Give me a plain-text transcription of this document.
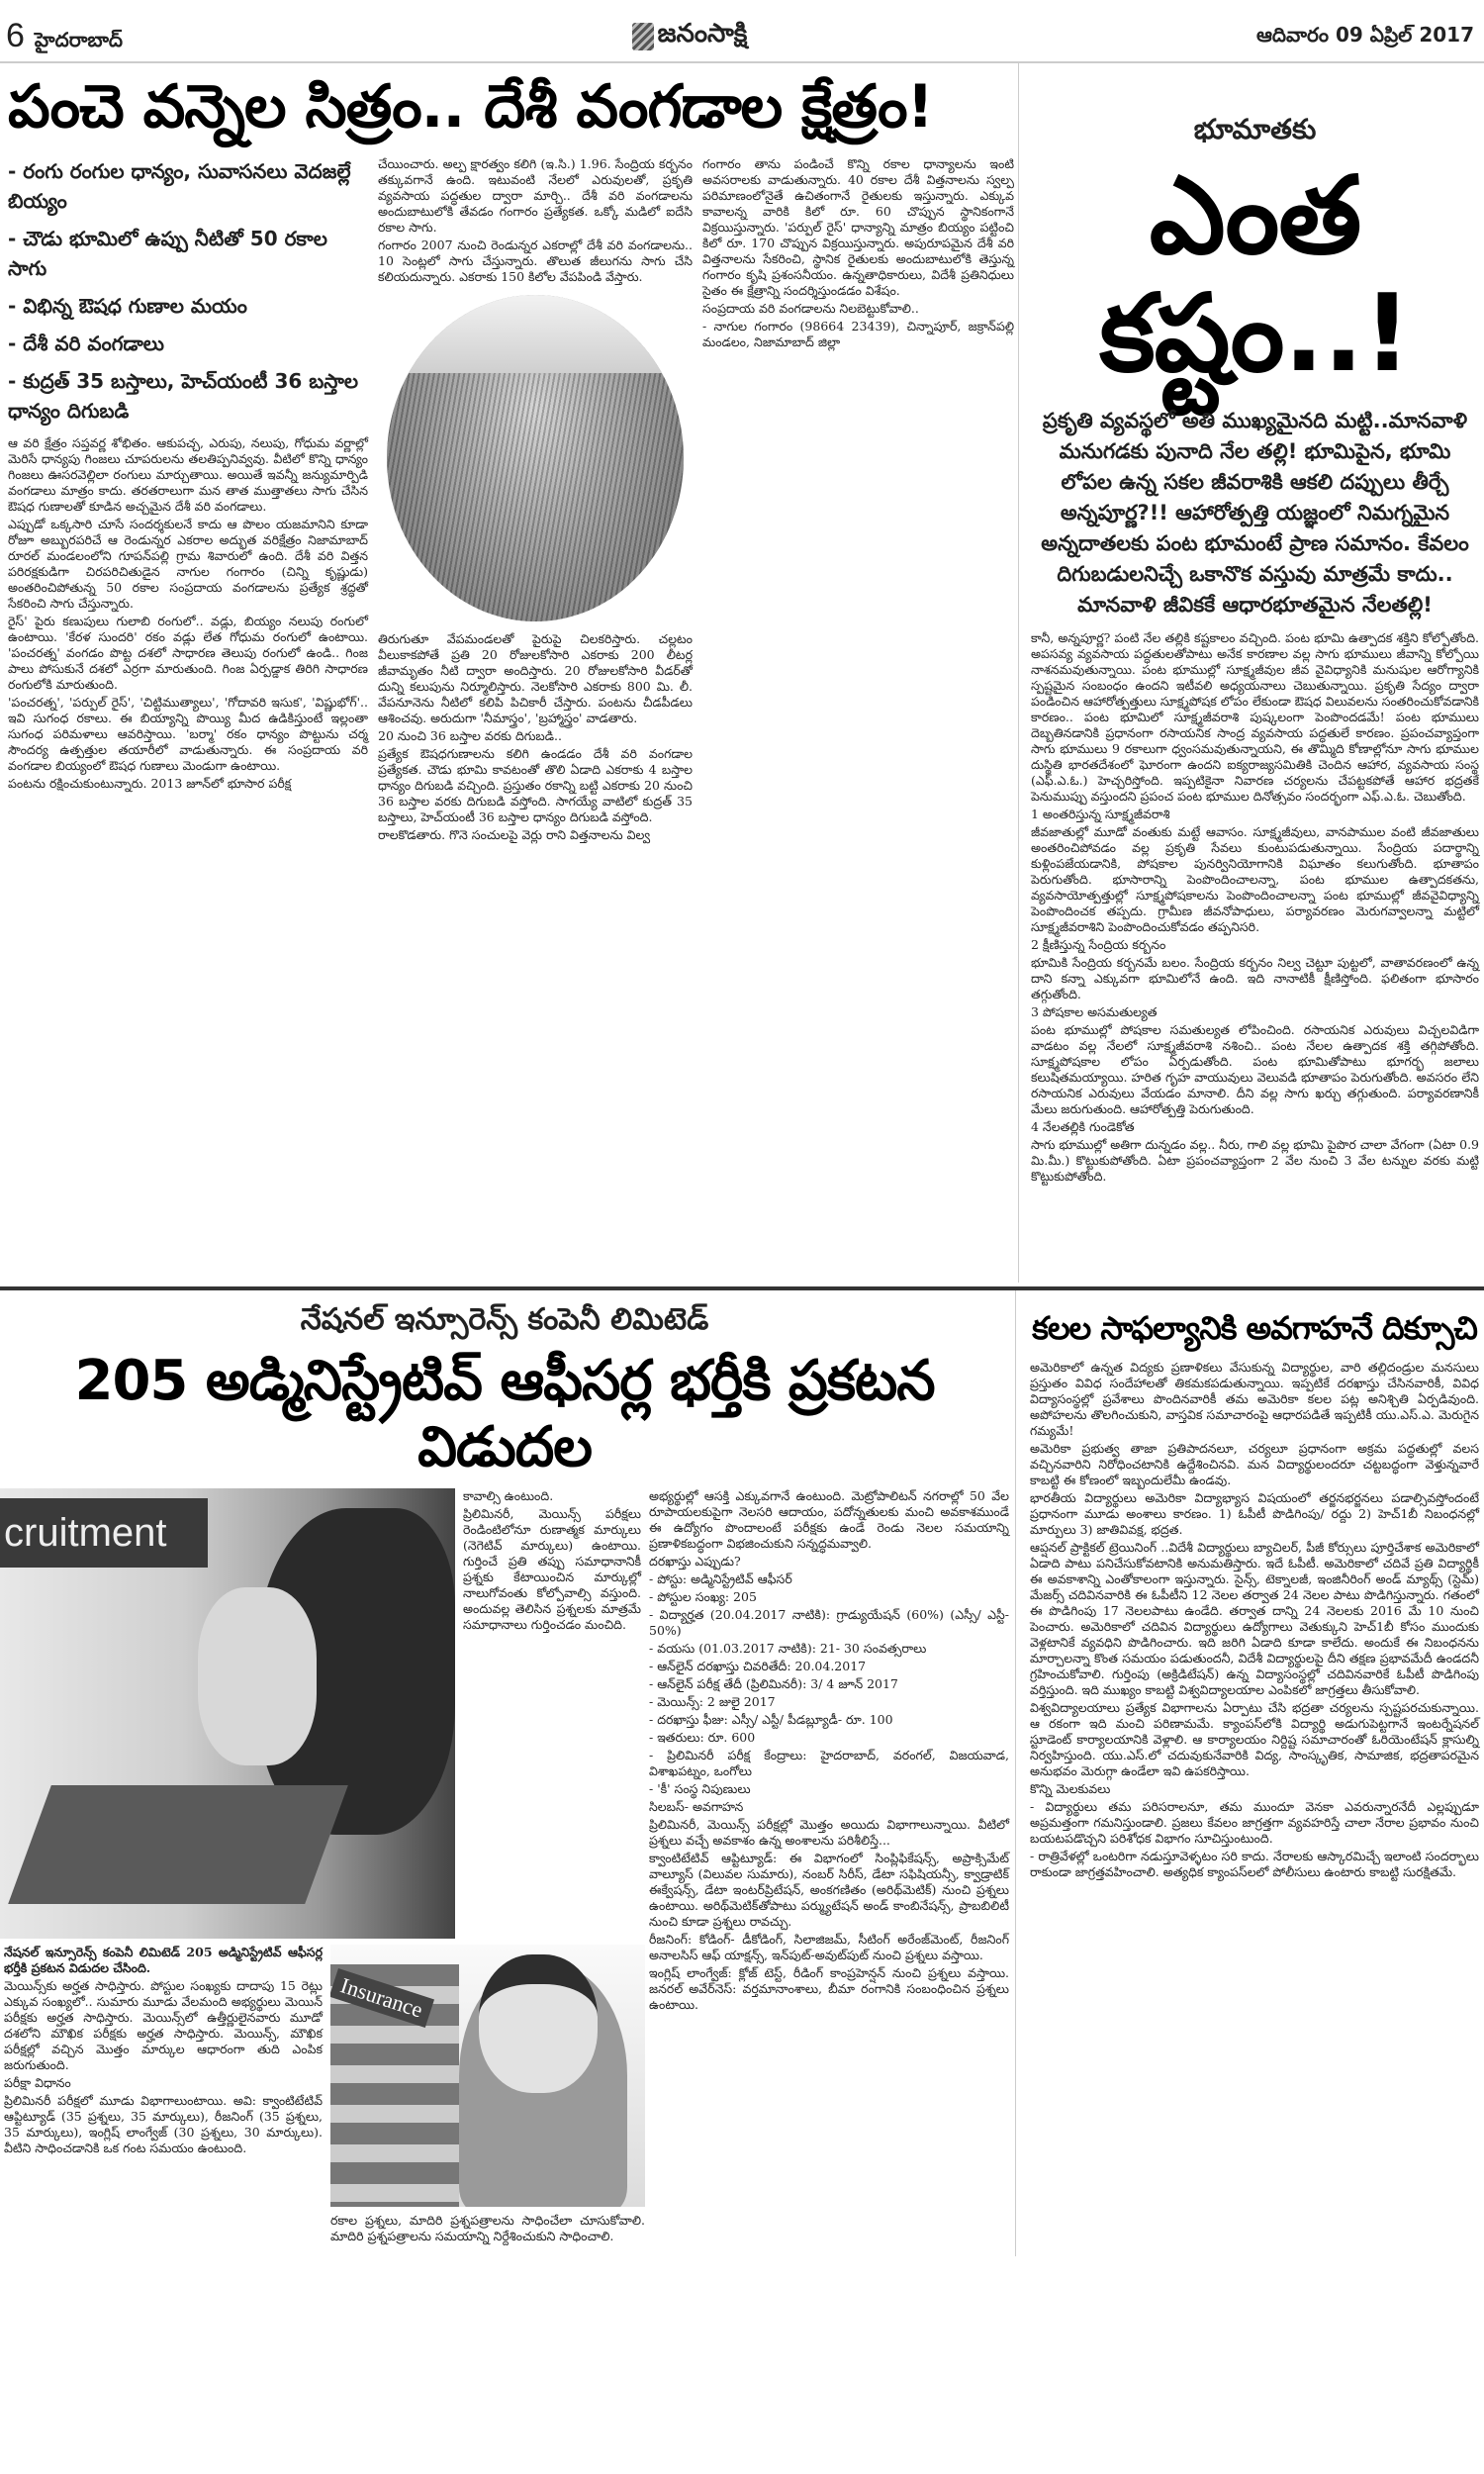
6 హైదరాబాద్	జనంసాక్షి	ఆదివారం 09 ఏప్రిల్ 2017
పంచె వన్నెల సిత్రం.. దేశీ వంగడాల క్షేత్రం!
- రంగు రంగుల ధాన్యం, సువాసనలు వెదజల్లే బియ్యం
- చౌడు భూమిలో ఉప్పు నీటితో 50 రకాల సాగు
- విభిన్న ఔషధ గుణాల మయం
- దేశీ వరి వంగడాలు
- కుద్రత్ 35 బస్తాలు, హెచ్‌యంటీ 36 బస్తాల ధాన్యం దిగుబడి

ఆ వరి క్షేత్రం సప్తవర్ణ శోభితం. ఆకుపచ్చ, ఎరుపు, నలుపు, గోధుమ వర్ణాల్లో మెరిసే ధాన్యపు గింజలు చూపరులను తలతిప్పనివ్వవు. వీటిలో కొన్ని ధాన్యం గింజలు ఊసరవెల్లిలా రంగులు మార్చుతాయి. అయితే ఇవన్నీ జన్యుమార్పిడి వంగడాలు మాత్రం కాదు. తరతరాలుగా మన తాత ముత్తాతలు సాగు చేసిన ఔషధ గుణాలతో కూడిన అచ్చమైన దేశీ వరి వంగడాలు.

ఎప్పుడో ఒక్కసారి చూసే సందర్శకులనే కాదు ఆ పొలం యజమానిని కూడా రోజూ అబ్బురపరిచే ఆ రెండున్నర ఎకరాల అద్భుత వరిక్షేత్రం నిజామాబాద్ రూరల్ మండలంలోని గూపన్‌పల్లి గ్రామ శివారులో ఉంది. దేశీ వరి విత్తన పరిరక్షకుడిగా చిరపరిచితుడైన నాగుల గంగారం (చిన్ని కృష్ణుడు) అంతరించిపోతున్న 50 రకాల సంప్రదాయ వంగడాలను ప్రత్యేక శ్రద్ధతో సేకరించి సాగు చేస్తున్నారు.

రైస్' పైరు కణుపులు గులాబి రంగులో.. వడ్లు, బియ్యం నలుపు రంగులో ఉంటాయి. 'కేరళ సుందరి' రకం వడ్లు లేత గోధుమ రంగులో ఉంటాయి. 'పంచరత్న' వంగడం పొట్ట దశలో సాధారణ తెలుపు రంగులో ఉండి.. గింజ పాలు పోసుకునే దశలో ఎర్రగా మారుతుంది. గింజ ఏర్పడ్డాక తిరిగి సాధారణ రంగులోకి మారుతుంది.

'పంచరత్న', 'పర్పుల్ రైస్', 'చిట్టిముత్యాలు', 'గోదావరి ఇసుక', 'విష్ణుభోగ్'.. ఇవి సుగంధ రకాలు. ఈ బియ్యాన్ని పొయ్యి మీద ఉడికిస్తుంటే ఇల్లంతా సుగంధ పరిమళాలు ఆవరిస్తాయి. 'బర్మా' రకం ధాన్యం పొట్టును చర్మ సౌందర్య ఉత్పత్తుల తయారీలో వాడుతున్నారు. ఈ సంప్రదాయ వరి వంగడాల బియ్యంలో ఔషధ గుణాలు మెండుగా ఉంటాయి.

పంటను రక్షించుకుంటున్నారు. 2013 జూన్‌లో భూసార పరీక్ష

చేయించారు. అల్ప క్షారత్వం కలిగి (ఇ.సి.) 1.96. సేంద్రియ కర్బనం తక్కువగానే ఉంది. ఇటువంటి నేలలో ఎరువులతో, ప్రకృతి వ్యవసాయ పద్ధతుల ద్వారా మార్చి.. దేశీ వరి వంగడాలను అందుబాటులోకి తేవడం గంగారం ప్రత్యేకత. ఒక్కో మడిలో ఐదేసి రకాల సాగు.

గంగారం 2007 నుంచి రెండున్నర ఎకరాల్లో దేశీ వరి వంగడాలను.. 10 సెంట్లలో సాగు చేస్తున్నారు. తొలుత జీలుగను సాగు చేసి కలియదున్నారు. ఎకరాకు 150 కిలోల వేపపిండి వేస్తారు.

తిరుగుతూ వేపమండలతో పైరుపై చిలకరిస్తారు. చల్లటం వీలుకాకపోతే ప్రతి 20 రోజులకోసారి ఎకరాకు 200 లీటర్ల జీవామృతం నీటి ద్వారా అందిస్తారు. 20 రోజులకోసారి వీడర్‌తో దున్ని కలుపును నిర్మూలిస్తారు. నెలకోసారి ఎకరాకు 800 మి. లీ. వేపనూనెను నీటిలో కలిపి పిచికారీ చేస్తారు. పంటను చీడపీడలు ఆశించవు. అరుదుగా 'నీమాస్త్రం', 'బ్రహ్మాస్త్రం' వాడతారు.

20 నుంచి 36 బస్తాల వరకు దిగుబడి..

ప్రత్యేక ఔషధగుణాలను కలిగి ఉండడం దేశీ వరి వంగడాల ప్రత్యేకత. చౌడు భూమి కావటంతో తొలి ఏడాది ఎకరాకు 4 బస్తాల ధాన్యం దిగుబడి వచ్చింది. ప్రస్తుతం రకాన్ని బట్టి ఎకరాకు 20 నుంచి 36 బస్తాల వరకు దిగుబడి వస్తోంది. సాగయ్యే వాటిలో కుద్రత్ 35 బస్తాలు, హెచ్‌యంటీ 36 బస్తాల ధాన్యం దిగుబడి వస్తోంది.

రాలకొడతారు. గొనె సంచులపై వెర్లు రాని విత్తనాలను విల్వ

గంగారం తాను పండించే కొన్ని రకాల ధాన్యాలను ఇంటి అవసరాలకు వాడుతున్నారు. 40 రకాల దేశీ విత్తనాలను స్వల్ప పరిమాణంలోనైతే ఉచితంగానే రైతులకు ఇస్తున్నారు. ఎక్కువ కావాలన్న వారికి కిలో రూ. 60 చొప్పున స్థానికంగానే విక్రయిస్తున్నారు. 'పర్పుల్ రైస్' ధాన్యాన్ని మాత్రం బియ్యం పట్టించి కిలో రూ. 170 చొప్పున విక్రయిస్తున్నారు. అపురూపమైన దేశీ వరి విత్తనాలను సేకరించి, స్థానిక రైతులకు అందుబాటులోకి తెస్తున్న గంగారం కృషి ప్రశంసనీయం. ఉన్నతాధికారులు, విదేశీ ప్రతినిధులు సైతం ఈ క్షేత్రాన్ని సందర్శిస్తుండడం విశేషం.

సంప్రదాయ వరి వంగడాలను నిలబెట్టుకోవాలి..

- నాగుల గంగారం (98664 23439), చిన్నాపూర్, జక్రాన్‌పల్లి మండలం, నిజామాబాద్ జిల్లా

భూమాతకు
ఎంత కష్టం..!
ప్రకృతి వ్యవస్థలో అతి ముఖ్యమైనది మట్టి..మానవాళి మనుగడకు పునాది నేల తల్లి! భూమిపైన, భూమి లోపల ఉన్న సకల జీవరాశికి ఆకలి దప్పులు తీర్చే అన్నపూర్ణ?!! ఆహారోత్పత్తి యజ్ఞంలో నిమగ్నమైన అన్నదాతలకు పంట భూమంటే ప్రాణ సమానం. కేవలం దిగుబడులనిచ్చే ఒకానొక వస్తువు మాత్రమే కాదు.. మానవాళి జీవికకే ఆధారభూతమైన నేలతల్లి!

కానీ, అన్నపూర్ణ? పంటి నేల తల్లికి కష్టకాలం వచ్చింది. పంట భూమి ఉత్పాదక శక్తిని కోల్పోతోంది. అపసవ్య వ్యవసాయ పద్ధతులతోపాటు అనేక కారణాల వల్ల సాగు భూములు జీవాన్ని కోల్పోయి నాశనమవుతున్నాయి. పంట భూముల్లో సూక్ష్మజీవుల జీవ వైవిధ్యానికి మనుషుల ఆరోగ్యానికి స్పష్టమైన సంబంధం ఉందని ఇటీవలి అధ్యయనాలు చెబుతున్నాయి. ప్రకృతి సేద్యం ద్వారా పండించిన ఆహారోత్పత్తులు సూక్ష్మపోషక లోపం లేకుండా ఔషధ విలువలను సంతరించుకోవడానికి కారణం.. పంట భూమిలో సూక్ష్మజీవరాశి పుష్కలంగా పెంపొందడమే! పంట భూములు దెబ్బతినడానికి ప్రధానంగా రసాయనిక సాంద్ర వ్యవసాయ పద్ధతులే కారణం. ప్రపంచవ్యాప్తంగా సాగు భూములు 9 రకాలుగా ధ్వంసమవుతున్నాయని, ఈ తొమ్మిది కోణాల్లోనూ సాగు భూముల దుస్థితి భారతదేశంలో ఘోరంగా ఉందని ఐక్యరాజ్యసమితికి చెందిన ఆహార, వ్యవసాయ సంస్థ (ఎఫ్.ఎ.ఓ.) హెచ్చరిస్తోంది. ఇప్పటికైనా నివారణ చర్యలను చేపట్టకపోతే ఆహార భద్రతకే పెనుముప్పు వస్తుందని ప్రపంచ పంట భూముల దినోత్సవం సందర్భంగా ఎఫ్.ఎ.ఓ. చెబుతోంది.

1 అంతరిస్తున్న సూక్ష్మజీవరాశి

జీవజాతుల్లో మూడో వంతుకు మట్టే ఆవాసం. సూక్ష్మజీవులు, వానపాముల వంటి జీవజాతులు అంతరించిపోవడం వల్ల ప్రకృతి సేవలు కుంటుపడుతున్నాయి. సేంద్రియ పదార్థాన్ని కుళ్లింపజేయడానికి, పోషకాల పునర్వినియోగానికి విఘాతం కలుగుతోంది. భూతాపం పెరుగుతోంది. భూసారాన్ని పెంపొందించాలన్నా, పంట భూముల ఉత్పాదకతను, వ్యవసాయోత్పత్తుల్లో సూక్ష్మపోషకాలను పెంపొందించాలన్నా పంట భూముల్లో జీవవైవిధ్యాన్ని పెంపొందించక తప్పదు. గ్రామీణ జీవనోపాధులు, పర్యావరణం మెరుగవ్వాలన్నా మట్టిలో సూక్ష్మజీవరాశిని పెంపొందించుకోవడం తప్పనిసరి.

2 క్షీణిస్తున్న సేంద్రియ కర్బనం

భూమికి సేంద్రియ కర్బనమే బలం. సేంద్రియ కర్బనం నిల్వ చెట్టూ పుట్టలో, వాతావరణంలో ఉన్న దాని కన్నా ఎక్కువగా భూమిలోనే ఉంది. ఇది నానాటికీ క్షీణిస్తోంది. ఫలితంగా భూసారం తగ్గుతోంది.

3 పోషకాల అసమతుల్యత

పంట భూముల్లో పోషకాల సమతుల్యత లోపించింది. రసాయనిక ఎరువులు విచ్చలవిడిగా వాడటం వల్ల నేలలో సూక్ష్మజీవరాశి నశించి.. పంట నేలల ఉత్పాదక శక్తి తగ్గిపోతోంది. సూక్ష్మపోషకాల లోపం ఏర్పడుతోంది. పంట భూమితోపాటు భూగర్భ జలాలు కలుషితమయ్యాయి. హరిత గృహ వాయువులు వెలువడి భూతాపం పెరుగుతోంది. అవసరం లేని రసాయనిక ఎరువులు వేయడం మానాలి. దీని వల్ల సాగు ఖర్చు తగ్గుతుంది. పర్యావరణానికీ మేలు జరుగుతుంది. ఆహారోత్పత్తి పెరుగుతుంది.

4 నేలతల్లికి గుండెకోత

సాగు భూముల్లో అతిగా దున్నడం వల్ల.. నీరు, గాలి వల్ల భూమి పైపొర చాలా వేగంగా (ఏటా 0.9 మి.మీ.) కొట్టుకుపోతోంది. ఏటా ప్రపంచవ్యాప్తంగా 2 వేల నుంచి 3 వేల టన్నుల వరకు మట్టి కొట్టుకుపోతోంది.

నేషనల్ ఇన్సూరెన్స్ కంపెనీ లిమిటెడ్
205 అడ్మినిస్ట్రేటివ్ ఆఫీసర్ల భర్తీకి ప్రకటన విడుదల
cruitment

కావాల్సి ఉంటుంది.

ప్రిలిమినరీ, మెయిన్స్ పరీక్షలు రెండింటిలోనూ రుణాత్మక మార్కులు (నెగెటివ్ మార్కులు) ఉంటాయి. గుర్తించే ప్రతి తప్పు సమాధానానికీ ప్రశ్నకు కేటాయించిన మార్కుల్లో నాలుగోవంతు కోల్పోవాల్సి వస్తుంది. అందువల్ల తెలిసిన ప్రశ్నలకు మాత్రమే సమాధానాలు గుర్తించడం మంచిది.

అభ్యర్థుల్లో ఆసక్తి ఎక్కువగానే ఉంటుంది. మెట్రోపాలిటన్ నగరాల్లో 50 వేల రూపాయలకుపైగా నెలసరి ఆదాయం, పదోన్నతులకు మంచి అవకాశముండే ఈ ఉద్యోగం పొందాలంటే పరీక్షకు ఉండే రెండు నెలల సమయాన్ని ప్రణాళికబద్ధంగా విభజించుకుని సన్నద్ధమవ్వాలి.

దరఖాస్తు ఎప్పుడు?

- పోస్టు: అడ్మినిస్ట్రేటివ్ ఆఫీసర్

- పోస్టుల సంఖ్య: 205

- విద్యార్హత (20.04.2017 నాటికి): గ్రాడ్యుయేషన్ (60%) (ఎస్సీ/ ఎస్టీ- 50%)

- వయసు (01.03.2017 నాటికి): 21- 30 సంవత్సరాలు

- ఆన్‌లైన్ దరఖాస్తు చివరితేదీ: 20.04.2017

- ఆన్‌లైన్ పరీక్ష తేదీ (ప్రిలిమినరీ): 3/ 4 జూన్ 2017

- మెయిన్స్: 2 జులై 2017

- దరఖాస్తు ఫీజు: ఎస్సీ/ ఎస్టీ/ పీడబ్ల్యూడీ- రూ. 100

- ఇతరులు: రూ. 600

- ప్రిలిమినరీ పరీక్ష కేంద్రాలు: హైదరాబాద్, వరంగల్, విజయవాడ, విశాఖపట్నం, ఒంగోలు

- 'కీ' సంస్థ నిపుణులు

సిలబస్- అవగాహన

ప్రిలిమినరీ, మెయిన్స్ పరీక్షల్లో మొత్తం అయిదు విభాగాలున్నాయి. వీటిలో ప్రశ్నలు వచ్చే అవకాశం ఉన్న అంశాలను పరిశీలిస్తే...

క్వాంటిటేటివ్ ఆప్టిట్యూడ్: ఈ విభాగంలో సింప్లిఫికేషన్స్, అప్రాక్సిమేట్ వాల్యూస్ (విలువల సుమారు), నంబర్ సిరీస్, డేటా సఫిషియన్సీ, క్వాడ్రాటిక్ ఈక్వేషన్స్, డేటా ఇంటర్‌ప్రిటేషన్, అంకగణితం (అరిథ్‌మెటిక్) నుంచి ప్రశ్నలు ఉంటాయి. అరిథ్‌మెటిక్‌తోపాటు పర్మ్యుటేషన్ అండ్ కాంబినేషన్స్, ప్రాబబిలిటీ నుంచి కూడా ప్రశ్నలు రావచ్చు.

రీజనింగ్: కోడింగ్- డీకోడింగ్, సిలాజిజమ్, సీటింగ్ అరేంజ్‌మెంట్, రీజనింగ్ అనాలసిస్ ఆఫ్ యాక్షన్స్, ఇన్‌పుట్-అవుట్‌పుట్ నుంచి ప్రశ్నలు వస్తాయి.

ఇంగ్లిష్ లాంగ్వేజ్: క్లోజ్ టెస్ట్, రీడింగ్ కాంప్రహెన్షన్ నుంచి ప్రశ్నలు వస్తాయి. జనరల్ అవేర్‌నెస్: వర్తమానాంశాలు, బీమా రంగానికి సంబంధించిన ప్రశ్నలు ఉంటాయి.

నేషనల్ ఇన్సూరెన్స్ కంపెనీ లిమిటెడ్ 205 అడ్మినిస్ట్రేటివ్ ఆఫీసర్ల భర్తీకి ప్రకటన విడుదల చేసింది.

మెయిన్స్‌కు అర్హత సాధిస్తారు. పోస్టుల సంఖ్యకు దాదాపు 15 రెట్లు ఎక్కువ సంఖ్యలో.. సుమారు మూడు వేలమంది అభ్యర్థులు మెయిన్ పరీక్షకు అర్హత సాధిస్తారు. మెయిన్స్‌లో ఉత్తీర్ణులైనవారు మూడో దశలోని మౌఖిక పరీక్షకు అర్హత సాధిస్తారు. మెయిన్స్, మౌఖిక పరీక్షల్లో వచ్చిన మొత్తం మార్కుల ఆధారంగా తుది ఎంపిక జరుగుతుంది.

పరీక్షా విధానం

ప్రిలిమినరీ పరీక్షలో మూడు విభాగాలుంటాయి. అవి: క్వాంటిటేటివ్ ఆప్టిట్యూడ్ (35 ప్రశ్నలు, 35 మార్కులు), రీజనింగ్ (35 ప్రశ్నలు, 35 మార్కులు), ఇంగ్లిష్ లాంగ్వేజ్ (30 ప్రశ్నలు, 30 మార్కులు). వీటిని సాధించడానికి ఒక గంట సమయం ఉంటుంది.

Insurance

రకాల ప్రశ్నలు, మాదిరి ప్రశ్నపత్రాలను సాధించేలా చూసుకోవాలి. మాదిరి ప్రశ్నపత్రాలను సమయాన్ని నిర్దేశించుకుని సాధించాలి.

కలల సాఫల్యానికి అవగాహనే దిక్సూచి

అమెరికాలో ఉన్నత విద్యకు ప్రణాళికలు వేసుకున్న విద్యార్థుల, వారి తల్లిదండ్రుల మనసులు ప్రస్తుతం వివిధ సందేహాలతో తికమకపడుతున్నాయి. ఇప్పటికే దరఖాస్తు చేసినవారికీ, వివిధ విద్యాసంస్థల్లో ప్రవేశాలు పొందినవారికీ తమ అమెరికా కలల పట్ల అనిశ్చితి ఏర్పడివుంది. అపోహలను తొలగించుకుని, వాస్తవిక సమాచారంపై ఆధారపడితే ఇప్పటికీ యు.ఎస్.ఎ. మెరుగైన గమ్యమే!

అమెరికా ప్రభుత్వ తాజా ప్రతిపాదనలూ, చర్యలూ ప్రధానంగా అక్రమ పద్ధతుల్లో వలస వచ్చినవారిని నిరోధించటానికి ఉద్దేశించినవి. మన విద్యార్థులందరూ చట్టబద్ధంగా వెళ్తున్నవారే కాబట్టి ఈ కోణంలో ఇబ్బందులేమీ ఉండవు.

భారతీయ విద్యార్థులు అమెరికా విద్యాభ్యాస విషయంలో తర్జనభర్జనలు పడాల్సివస్తోందంటే ప్రధానంగా మూడు అంశాలు కారణం. 1) ఓపీటీ పొడిగింపు/ రద్దు 2) హెచ్1బీ నిబంధనల్లో మార్పులు 3) జాతివివక్ష, భద్రత.

ఆప్షనల్ ప్రాక్టికల్ ట్రెయినింగ్ ..విదేశీ విద్యార్థులు బ్యాచిలర్, పీజీ కోర్సులు పూర్తిచేశాక అమెరికాలో ఏడాది పాటు పనిచేసుకోవటానికి అనుమతిస్తారు. ఇదే ఓపీటీ. అమెరికాలో చదివే ప్రతి విద్యార్థికీ ఈ అవకాశాన్ని ఎంతోకాలంగా ఇస్తున్నారు. సైన్స్, టెక్నాలజీ, ఇంజినీరింగ్ అండ్ మ్యాథ్స్ (స్టెమ్) మేజర్స్ చదివినవారికి ఈ ఓపీటీని 12 నెలల తర్వాత 24 నెలల పాటు పొడిగిస్తున్నారు. గతంలో ఈ పొడిగింపు 17 నెలలపాటు ఉండేది. తర్వాత దాన్ని 24 నెలలకు 2016 మే 10 నుంచి పెంచారు. అమెరికాలో చదివిన విద్యార్థులు ఉద్యోగాలు వెతుక్కుని హెచ్1బీ కోసం ముందుకు వెళ్లటానికే వ్యవధిని పొడిగించారు. ఇది జరిగి ఏడాది కూడా కాలేదు. అందుకే ఈ నిబంధనను మార్చాలన్నా కొంత సమయం పడుతుందనీ, విదేశీ విద్యార్థులపై దీని తక్షణ ప్రభావమేదీ ఉండదనీ గ్రహించుకోవాలి. గుర్తింపు (అక్రిడిటేషన్) ఉన్న విద్యాసంస్థల్లో చదివినవారికే ఓపీటీ పొడిగింపు వర్తిస్తుంది. ఇది ముఖ్యం కాబట్టి విశ్వవిద్యాలయాల ఎంపికలో జాగ్రత్తలు తీసుకోవాలి.

విశ్వవిద్యాలయాలు ప్రత్యేక విభాగాలను ఏర్పాటు చేసి భద్రతా చర్యలను స్పష్టపరచుకున్నాయి. ఆ రకంగా ఇది మంచి పరిణామమే. క్యాంపస్‌లోకి విద్యార్థి అడుగుపెట్టగానే ఇంటర్నేషనల్ స్టూడెంట్ కార్యాలయానికి వెళ్లాలి. ఆ కార్యాలయం నిర్దిష్ట సమాచారంతో ఓరియెంటేషన్ క్లాసుల్ని నిర్వహిస్తుంది. యు.ఎస్.లో చదువుకునేవారికి విద్య, సాంస్కృతిక, సామాజిక, భద్రతాపరమైన అనుభవం మెరుగ్గా ఉండేలా ఇవి ఉపకరిస్తాయి.

కొన్ని మెలకువలు

- విద్యార్థులు తమ పరిసరాలనూ, తమ ముందూ వెనకా ఎవరున్నారనేదీ ఎల్లప్పుడూ అప్రమత్తంగా గమనిస్తుండాలి. ప్రజలు కేవలం జాగ్రత్తగా వ్యవహరిస్తే చాలా నేరాల ప్రభావం నుంచి బయటపడొచ్చని పరిశోధక విభాగం సూచిస్తుంటుంది.

- రాత్రివేళల్లో ఒంటరిగా నడుస్తూవెళ్ళటం సరి కాదు. నేరాలకు ఆస్కారమిచ్చే ఇలాంటి సందర్భాలు రాకుండా జాగ్రత్తవహించాలి. అత్యధిక క్యాంపస్‌లలో పోలీసులు ఉంటారు కాబట్టి సురక్షితమే.
